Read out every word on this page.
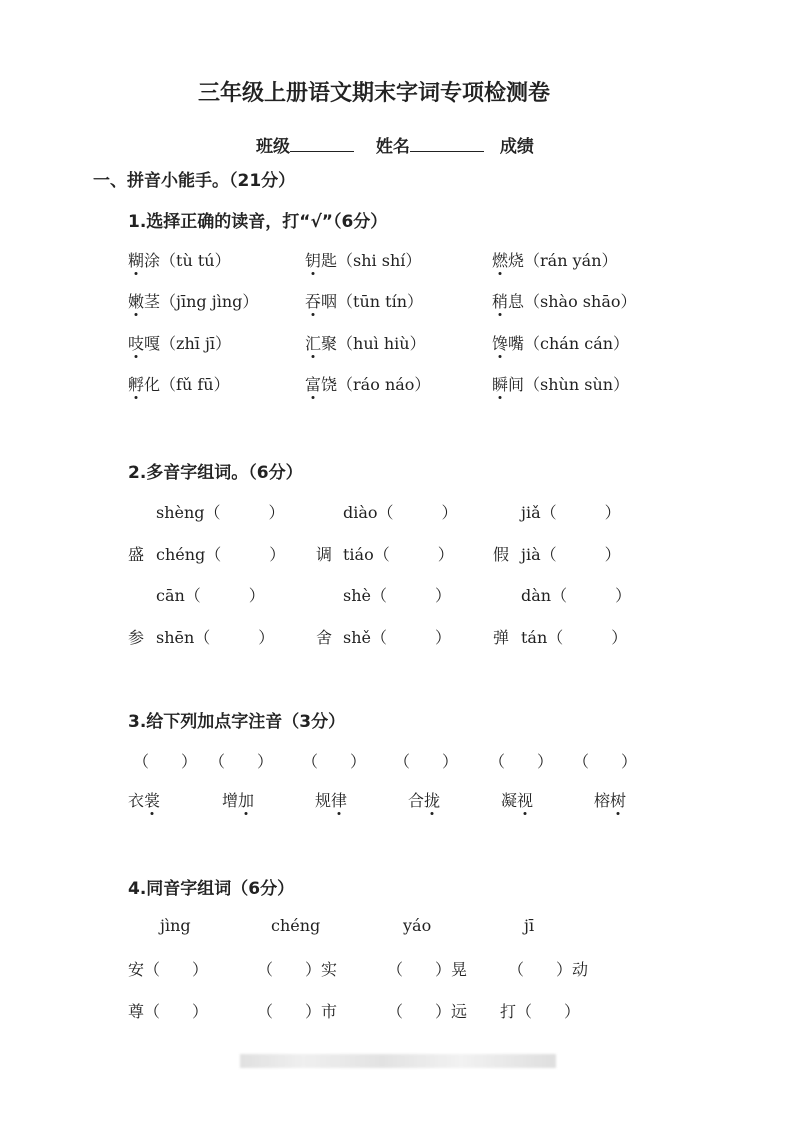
三年级上册语文期末字词专项检测卷
班级	姓名	成绩
一、拼音小能手。（21分）
1.选择正确的读音，打“√”（6分）
糊涂（tù tú）	钥匙（shi shí）	燃烧（rán yán）
嫩茎（jīng jìng）	吞咽（tūn tín）	稍息（shào shāo）
吱嘎（zhī jī）	汇聚（huì hiù）	馋嘴（chán cán）
孵化（fǔ fū）	富饶（ráo náo）	瞬间（shùn sùn）
2.多音字组词。（6分）
shèng（　　　）	diào（　　　）	jiǎ（　　　）
盛 chéng（　　　） 调 tiáo（　　　） 假 jià（　　　）
cān（　　　）	shè（　　　）	dàn（　　　）
参 shēn（　　　）	舍 shě（　　　）	弹 tán（　　　）
3.给下列加点字注音（3分）
（　　） （　　） （　　） （　　） （　　） （　　）
衣裳	增加	规律	合拢	凝视	榕树
4.同音字组词（6分）
jìng	chéng	yáo	jī
安（　　）	（　　）实	（　　）晃	（　　）动
尊（　　）	（　　）市	（　　）远 打（　　）
